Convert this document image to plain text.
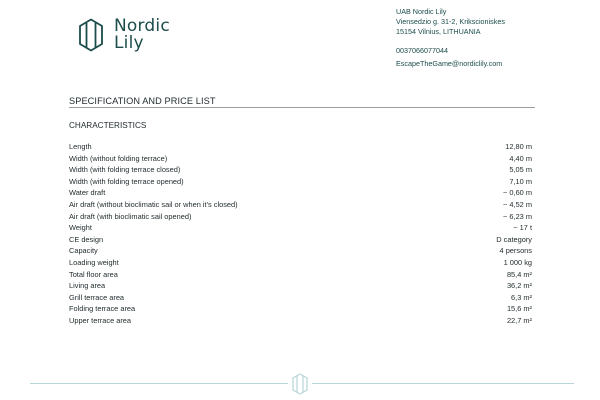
Nordic
Lily
UAB Nordic Lily
Viensedzio g. 31-2, Krikscioniskes
15154 Vilnius, LITHUANIA
0037066077044
EscapeTheGame@nordiclily.com
SPECIFICATION AND PRICE LIST
CHARACTERISTICS
Length	12,80 m
Width (without folding terrace)	4,40 m
Width (with folding terrace closed)	5,05 m
Width (with folding terrace opened)	7,10 m
Water draft	~ 0,60 m
Air draft (without bioclimatic sail or when it's closed)	~ 4,52 m
Air draft (with bioclimatic sail opened)	~ 6,23 m
Weight	~ 17 t
CE design	D category
Capacity	4 persons
Loading weight	1 000 kg
Total floor area	85,4 m²
Living area	36,2 m²
Grill terrace area	6,3 m²
Folding terrace area	15,6 m²
Upper terrace area	22,7 m²
